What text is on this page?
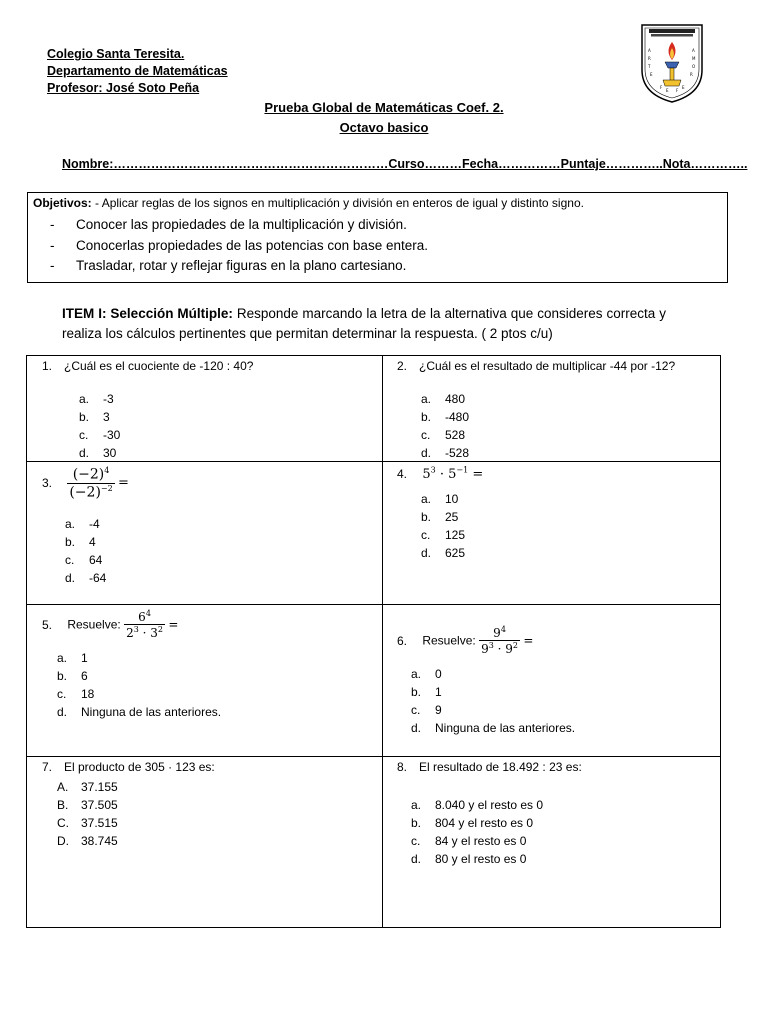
Colegio Santa Teresita.
Departamento de Matemáticas
Profesor: José Soto Peña
A
R
T
E
A
M
O
R
F
E F
E
Prueba Global de Matemáticas Coef. 2.
Octavo basico
Nombre:…………………………………………………………Curso………Fecha……………Puntaje…………..Nota…………..
Objetivos: - Aplicar reglas de los signos en multiplicación y división en enteros de igual y distinto signo.
- Conocer las propiedades de la multiplicación y división.
- Conocerlas propiedades de las potencias con base entera.
- Trasladar, rotar y reflejar figuras en la plano cartesiano.
ITEM I: Selección Múltiple: Responde marcando la letra de la alternativa que consideres correcta y realiza los cálculos pertinentes que permitan determinar la respuesta. ( 2 ptos c/u)
1. ¿Cuál es el cuociente de -120 : 40?
a. -3
b. 3
c. -30
d. 30
2. ¿Cuál es el resultado de multiplicar -44 por -12?
a. 480
b. -480
c. 528
d. -528
3. $\frac{(-2)^4}{(-2)^{-2}}$ =
a. -4
b. 4
c. 64
d. -64
4. $5^3 \cdot 5^{-1}$ =
a. 10
b. 25
c. 125
d. 625
5. Resuelve: $\frac{6^4}{2^3 \cdot 3^2}$ =
a. 1
b. 6
c. 18
d. Ninguna de las anteriores.
6. Resuelve: $\frac{9^4}{9^3 \cdot 9^2}$ =
a. 0
b. 1
c. 9
d. Ninguna de las anteriores.
7. El producto de 305 · 123 es:
A. 37.155
B. 37.505
C. 37.515
D. 38.745
8. El resultado de 18.492 : 23 es:
a. 8.040 y el resto es 0
b. 804 y el resto es 0
c. 84 y el resto es 0
d. 80 y el resto es 0
